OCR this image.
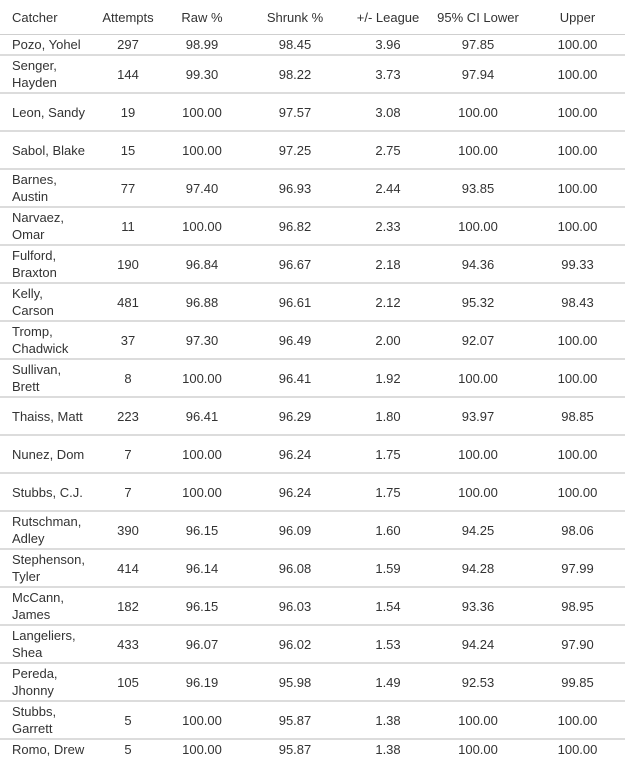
Catcher	Attempts	Raw %	Shrunk %	+/- League	95% CI Lower	Upper
Pozo, Yohel	297	98.99	98.45	3.96	97.85	100.00
Senger, Hayden	144	99.30	98.22	3.73	97.94	100.00
Leon, Sandy	19	100.00	97.57	3.08	100.00	100.00
Sabol, Blake	15	100.00	97.25	2.75	100.00	100.00
Barnes, Austin	77	97.40	96.93	2.44	93.85	100.00
Narvaez, Omar	11	100.00	96.82	2.33	100.00	100.00
Fulford, Braxton	190	96.84	96.67	2.18	94.36	99.33
Kelly, Carson	481	96.88	96.61	2.12	95.32	98.43
Tromp, Chadwick	37	97.30	96.49	2.00	92.07	100.00
Sullivan, Brett	8	100.00	96.41	1.92	100.00	100.00
Thaiss, Matt	223	96.41	96.29	1.80	93.97	98.85
Nunez, Dom	7	100.00	96.24	1.75	100.00	100.00
Stubbs, C.J.	7	100.00	96.24	1.75	100.00	100.00
Rutschman, Adley	390	96.15	96.09	1.60	94.25	98.06
Stephenson, Tyler	414	96.14	96.08	1.59	94.28	97.99
McCann, James	182	96.15	96.03	1.54	93.36	98.95
Langeliers, Shea	433	96.07	96.02	1.53	94.24	97.90
Pereda, Jhonny	105	96.19	95.98	1.49	92.53	99.85
Stubbs, Garrett	5	100.00	95.87	1.38	100.00	100.00
Romo, Drew	5	100.00	95.87	1.38	100.00	100.00
